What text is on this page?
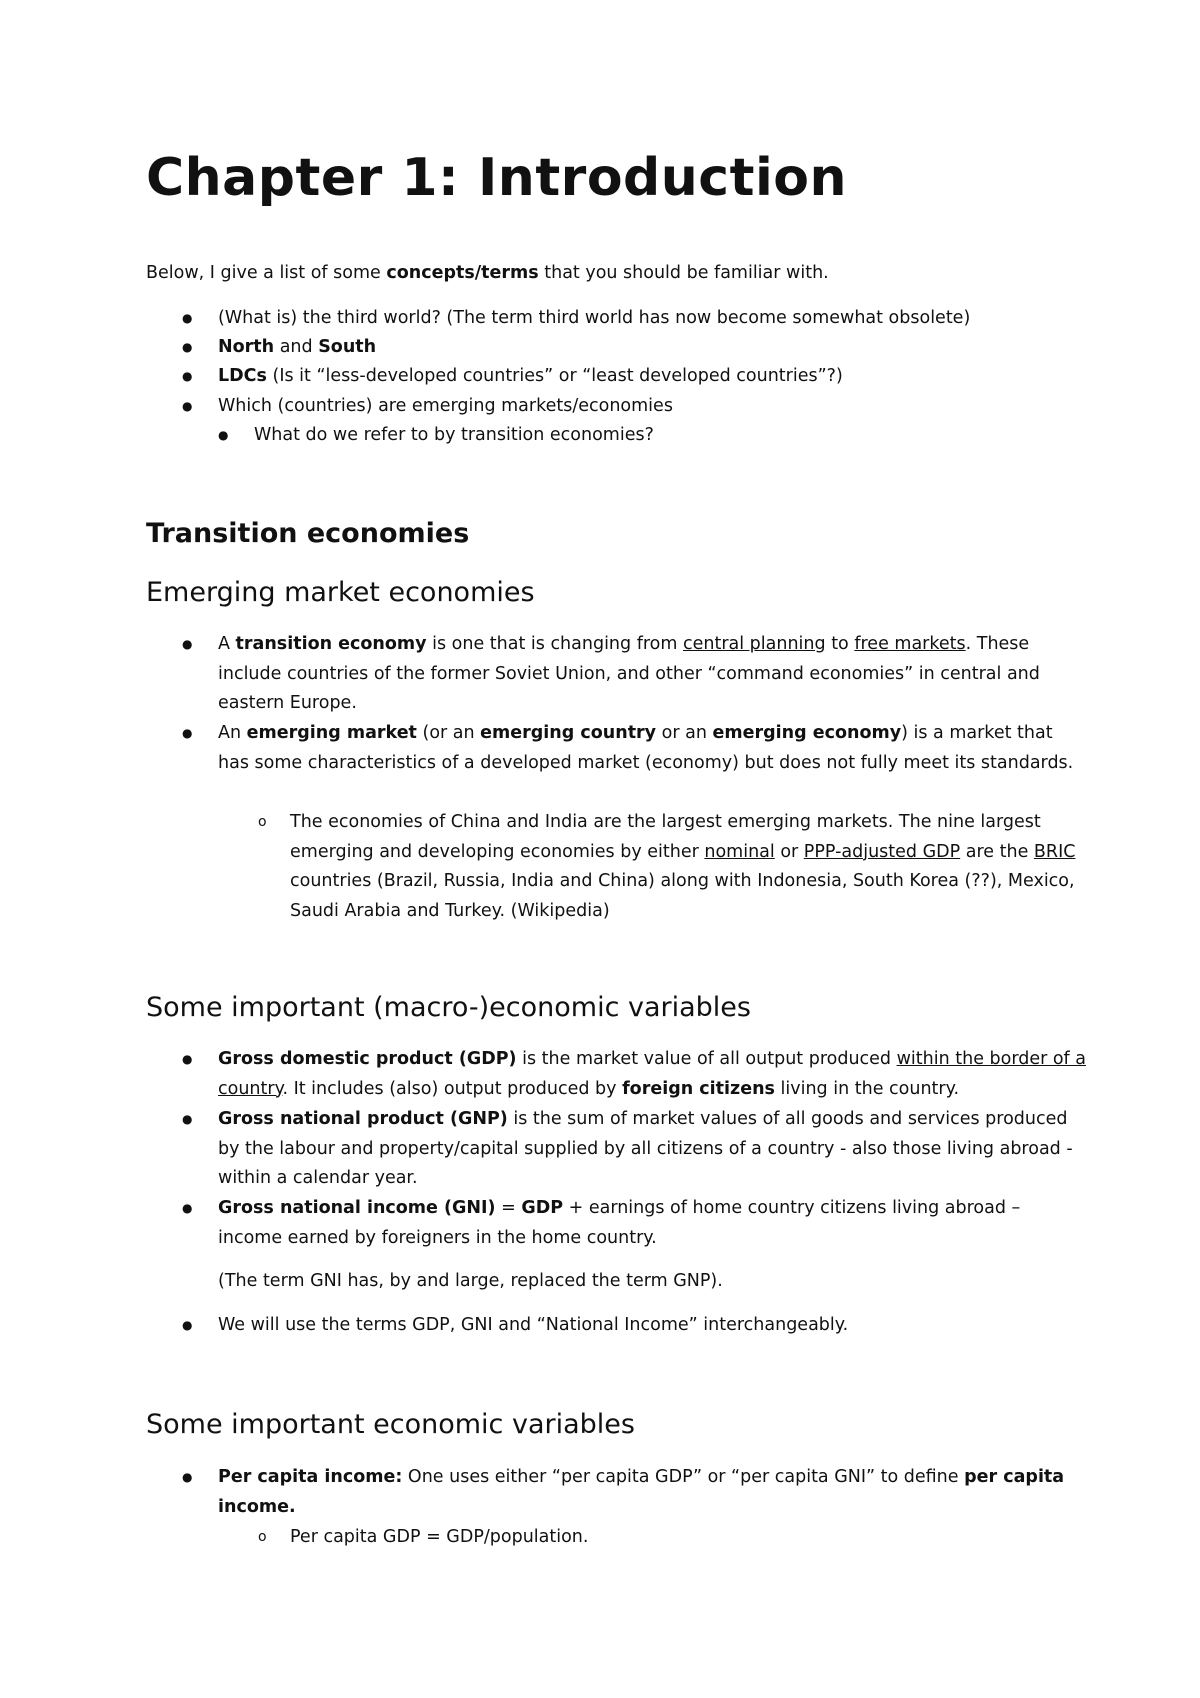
Chapter 1: Introduction

Below, I give a list of some concepts/terms that you should be familiar with.

● (What is) the third world? (The term third world has now become somewhat obsolete)
● North and South
● LDCs (Is it “less-developed countries” or “least developed countries”?)
● Which (countries) are emerging markets/economies
● What do we refer to by transition economies?
Transition economies
Emerging market economies
● A transition economy is one that is changing from central planning to free markets. These include countries of the former Soviet Union, and other “command economies” in central and eastern Europe.
● An emerging market (or an emerging country or an emerging economy) is a market that has some characteristics of a developed market (economy) but does not fully meet its standards.
o The economies of China and India are the largest emerging markets. The nine largest emerging and developing economies by either nominal or PPP-adjusted GDP are the BRIC countries (Brazil, Russia, India and China) along with Indonesia, South Korea (??), Mexico, Saudi Arabia and Turkey. (Wikipedia)
Some important (macro-)economic variables
● Gross domestic product (GDP) is the market value of all output produced within the border of a country. It includes (also) output produced by foreign citizens living in the country.
● Gross national product (GNP) is the sum of market values of all goods and services produced by the labour and property/capital supplied by all citizens of a country - also those living abroad - within a calendar year.
● Gross national income (GNI) = GDP + earnings of home country citizens living abroad – income earned by foreigners in the home country.
(The term GNI has, by and large, replaced the term GNP).
● We will use the terms GDP, GNI and “National Income” interchangeably.
Some important economic variables
● Per capita income: One uses either “per capita GDP” or “per capita GNI” to define per capita income.
o Per capita GDP = GDP/population.
